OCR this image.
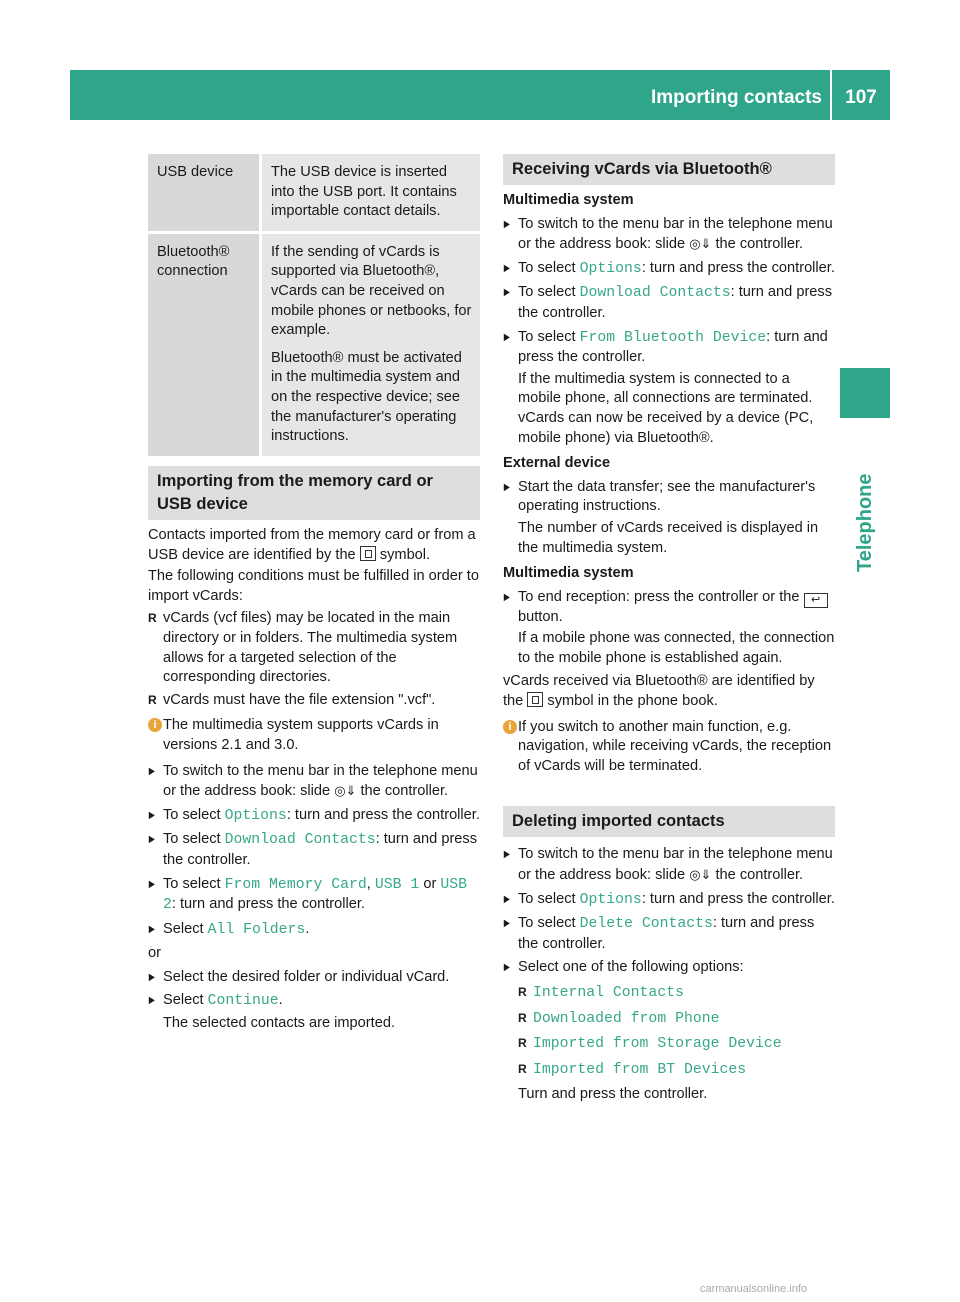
Importing contacts	107
Telephone
USB device	The USB device is inserted into the USB port. It contains importable contact details.

Bluetooth® connection

If the sending of vCards is supported via Bluetooth®, vCards can be received on mobile phones or netbooks, for example.

Bluetooth® must be activated in the multimedia system and on the respective device; see the manufacturer's operating instructions.

Importing from the memory card or USB device

Contacts imported from the memory card or from a USB device are identified by the symbol.

The following conditions must be fulfilled in order to import vCards:

R vCards (vcf files) may be located in the main directory or in folders. The multimedia system allows for a targeted selection of the corresponding directories.
R vCards must have the file extension ".vcf".
i The multimedia system supports vCards in versions 2.1 and 3.0.
▶ To switch to the menu bar in the telephone menu or the address book: slide ◎⇓ the controller.
▶ To select Options: turn and press the controller.
▶ To select Download Contacts: turn and press the controller.
▶ To select From Memory Card, USB 1 or USB 2: turn and press the controller.
▶ Select All Folders.

or

▶ Select the desired folder or individual vCard.
▶ Select Continue.
The selected contacts are imported.
Receiving vCards via Bluetooth®
Multimedia system
▶ To switch to the menu bar in the telephone menu or the address book: slide ◎⇓ the controller.
▶ To select Options: turn and press the controller.
▶ To select Download Contacts: turn and press the controller.
▶ To select From Bluetooth Device: turn and press the controller.
If the multimedia system is connected to a mobile phone, all connections are terminated. vCards can now be received by a device (PC, mobile phone) via Bluetooth®.
External device
▶ Start the data transfer; see the manufacturer's operating instructions.
The number of vCards received is displayed in the multimedia system.
Multimedia system
▶ To end reception: press the controller or the ↩ button.
If a mobile phone was connected, the connection to the mobile phone is established again.

vCards received via Bluetooth® are identified by the symbol in the phone book.

i If you switch to another main function, e.g. navigation, while receiving vCards, the reception of vCards will be terminated.
Deleting imported contacts
▶ To switch to the menu bar in the telephone menu or the address book: slide ◎⇓ the controller.
▶ To select Options: turn and press the controller.
▶ To select Delete Contacts: turn and press the controller.
▶ Select one of the following options:
R Internal Contacts
R Downloaded from Phone
R Imported from Storage Device
R Imported from BT Devices
Turn and press the controller.
carmanualsonline.info
